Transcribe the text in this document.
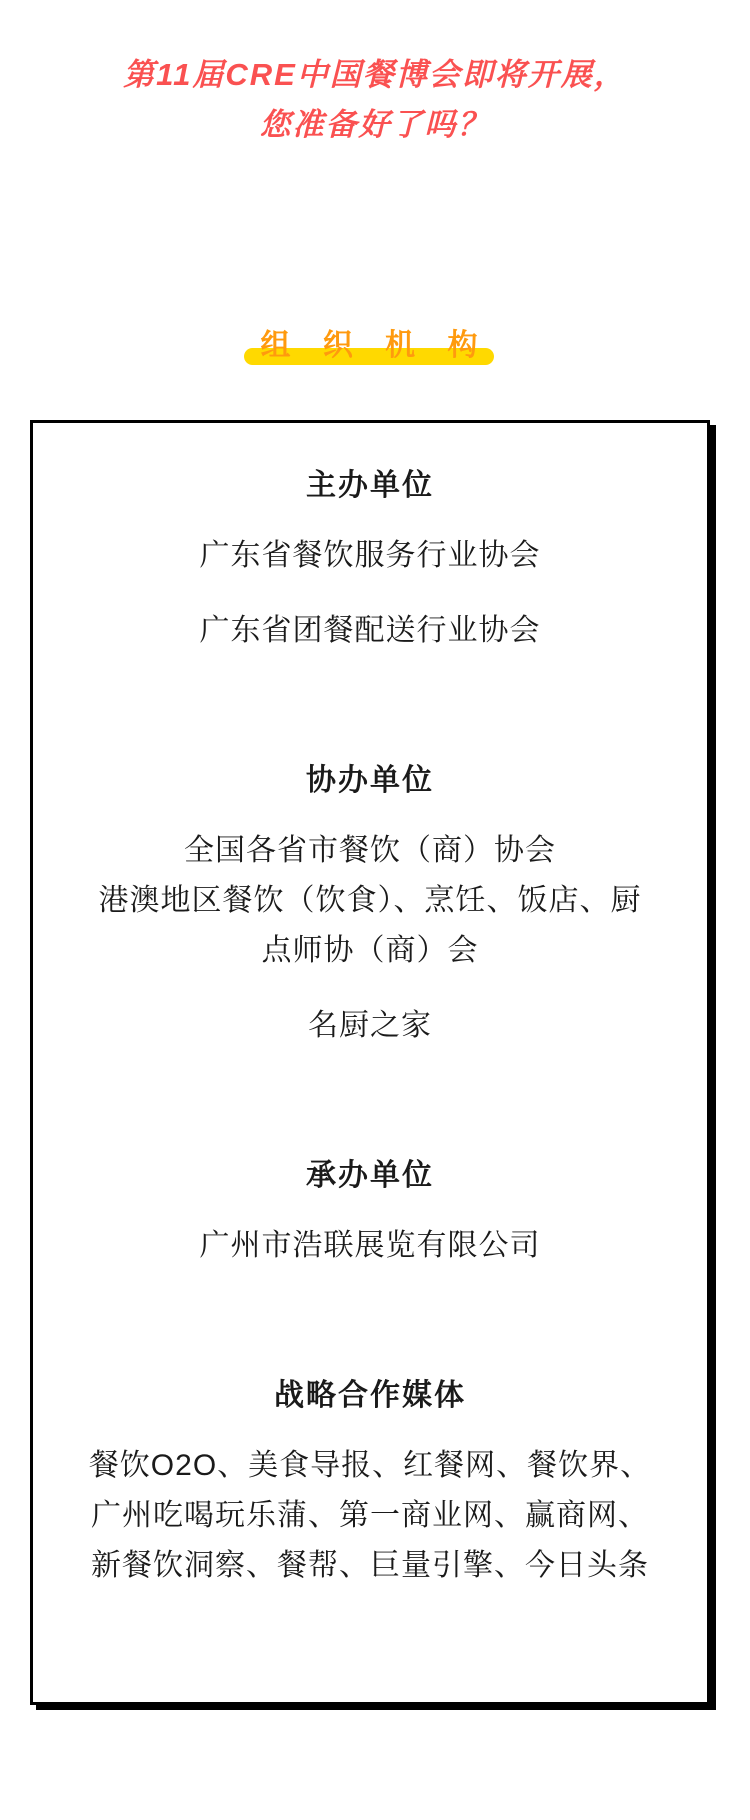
第11届CRE中国餐博会即将开展，
您准备好了吗？
组 织 机 构
主办单位
广东省餐饮服务行业协会
广东省团餐配送行业协会
协办单位
全国各省市餐饮（商）协会
港澳地区餐饮（饮食）、烹饪、饭店、厨
点师协（商）会
名厨之家
承办单位
广州市浩联展览有限公司
战略合作媒体
餐饮O2O、美食导报、红餐网、餐饮界、
广州吃喝玩乐蒲、第一商业网、赢商网、
新餐饮洞察、餐帮、巨量引擎、今日头条
